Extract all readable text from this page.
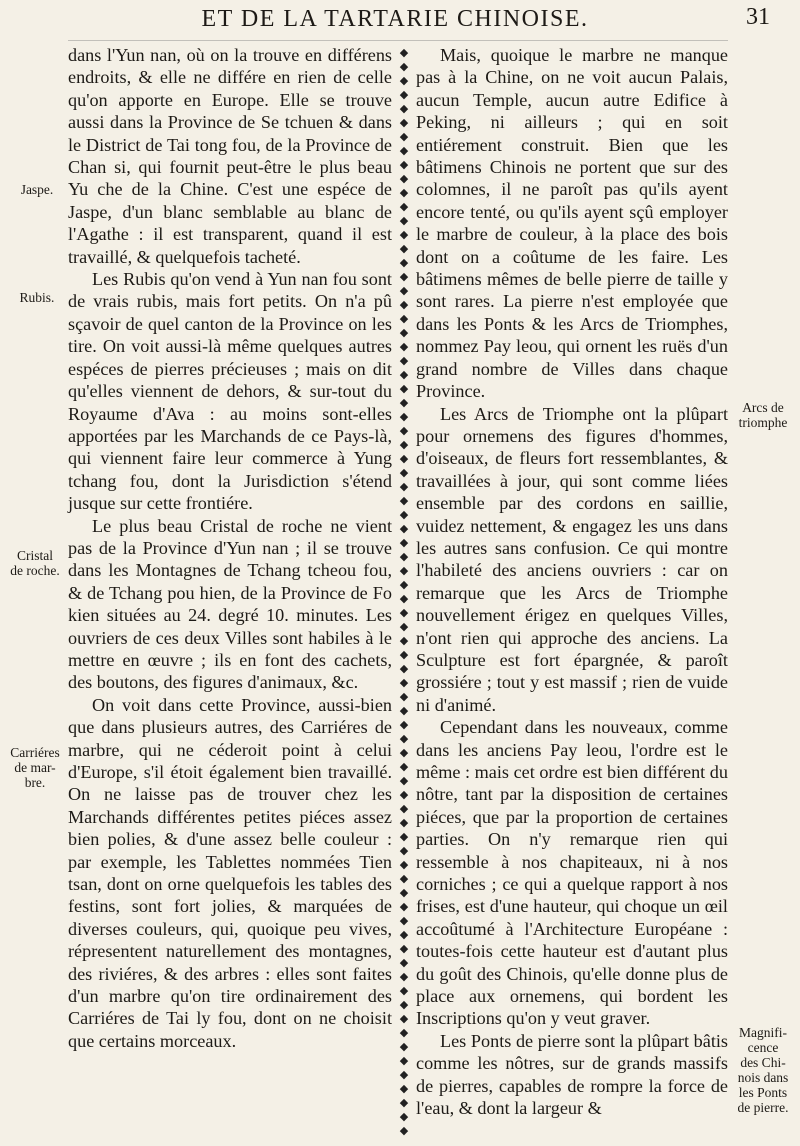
ET DE LA TARTARIE CHINOISE.	31
Jaspe.
Rubis.
Cristal
de roche.
Carriéres
de mar-
bre.

dans l'Yun nan, où on la trouve en différens endroits, & elle ne différe en rien de celle qu'on apporte en Europe. Elle se trouve aussi dans la Province de Se tchuen & dans le District de Tai tong fou, de la Province de Chan si, qui fournit peut-être le plus beau Yu che de la Chine. C'est une espéce de Jaspe, d'un blanc semblable au blanc de l'Agathe : il est transparent, quand il est travaillé, & quelquefois tacheté.

Les Rubis qu'on vend à Yun nan fou sont de vrais rubis, mais fort petits. On n'a pû sçavoir de quel canton de la Province on les tire. On voit aussi-là même quelques autres espéces de pierres précieuses ; mais on dit qu'elles viennent de dehors, & sur-tout du Royaume d'Ava : au moins sont-elles apportées par les Marchands de ce Pays-là, qui viennent faire leur commerce à Yung tchang fou, dont la Jurisdiction s'étend jusque sur cette frontiére.

Le plus beau Cristal de roche ne vient pas de la Province d'Yun nan ; il se trouve dans les Montagnes de Tchang tcheou fou, & de Tchang pou hien, de la Province de Fo kien situées au 24. degré 10. minutes. Les ouvriers de ces deux Villes sont habiles à le mettre en œuvre ; ils en font des cachets, des boutons, des figures d'animaux, &c.

On voit dans cette Province, aussi-bien que dans plusieurs autres, des Carriéres de marbre, qui ne céderoit point à celui d'Europe, s'il étoit également bien travaillé. On ne laisse pas de trouver chez les Marchands différentes petites piéces assez bien polies, & d'une assez belle couleur : par exemple, les Tablettes nommées Tien tsan, dont on orne quelquefois les tables des festins, sont fort jolies, & marquées de diverses couleurs, qui, quoique peu vives, répresentent naturellement des montagnes, des riviéres, & des arbres : elles sont faites d'un marbre qu'on tire ordinairement des Carriéres de Tai ly fou, dont on ne choisit que certains morceaux.

◆ ◆ ◆ ◆ ◆ ◆ ◆ ◆ ◆ ◆ ◆ ◆ ◆ ◆ ◆ ◆ ◆ ◆ ◆ ◆ ◆ ◆ ◆ ◆ ◆ ◆ ◆ ◆ ◆ ◆ ◆ ◆ ◆ ◆ ◆ ◆ ◆ ◆ ◆ ◆ ◆ ◆ ◆ ◆ ◆ ◆ ◆ ◆ ◆ ◆ ◆ ◆ ◆ ◆ ◆ ◆ ◆ ◆ ◆ ◆ ◆ ◆ ◆ ◆ ◆ ◆ ◆ ◆ ◆ ◆ ◆ ◆ ◆ ◆ ◆ ◆ ◆ ◆

Mais, quoique le marbre ne manque pas à la Chine, on ne voit aucun Palais, aucun Temple, aucun autre Edifice à Peking, ni ailleurs ; qui en soit entiérement construit. Bien que les bâtimens Chinois ne portent que sur des colomnes, il ne paroît pas qu'ils ayent encore tenté, ou qu'ils ayent sçû employer le marbre de couleur, à la place des bois dont on a coûtume de les faire. Les bâtimens mêmes de belle pierre de taille y sont rares. La pierre n'est employée que dans les Ponts & les Arcs de Triomphes, nommez Pay leou, qui ornent les ruës d'un grand nombre de Villes dans chaque Province.

Les Arcs de Triomphe ont la plûpart pour ornemens des figures d'hommes, d'oiseaux, de fleurs fort ressemblantes, & travaillées à jour, qui sont comme liées ensemble par des cordons en saillie, vuidez nettement, & engagez les uns dans les autres sans confusion. Ce qui montre l'habileté des anciens ouvriers : car on remarque que les Arcs de Triomphe nouvellement érigez en quelques Villes, n'ont rien qui approche des anciens. La Sculpture est fort épargnée, & paroît grossiére ; tout y est massif ; rien de vuide ni d'animé.

Cependant dans les nouveaux, comme dans les anciens Pay leou, l'ordre est le même : mais cet ordre est bien différent du nôtre, tant par la disposition de certaines piéces, que par la proportion de certaines parties. On n'y remarque rien qui ressemble à nos chapiteaux, ni à nos corniches ; ce qui a quelque rapport à nos frises, est d'une hauteur, qui choque un œil accoûtumé à l'Architecture Européane : toutes-fois cette hauteur est d'autant plus du goût des Chinois, qu'elle donne plus de place aux ornemens, qui bordent les Inscriptions qu'on y veut graver.

Les Ponts de pierre sont la plûpart bâtis comme les nôtres, sur de grands massifs de pierres, capables de rompre la force de l'eau, & dont la largeur &

Arcs de
triomphe
Magnifi-
cence
des Chi-
nois dans
les Ponts
de pierre.
